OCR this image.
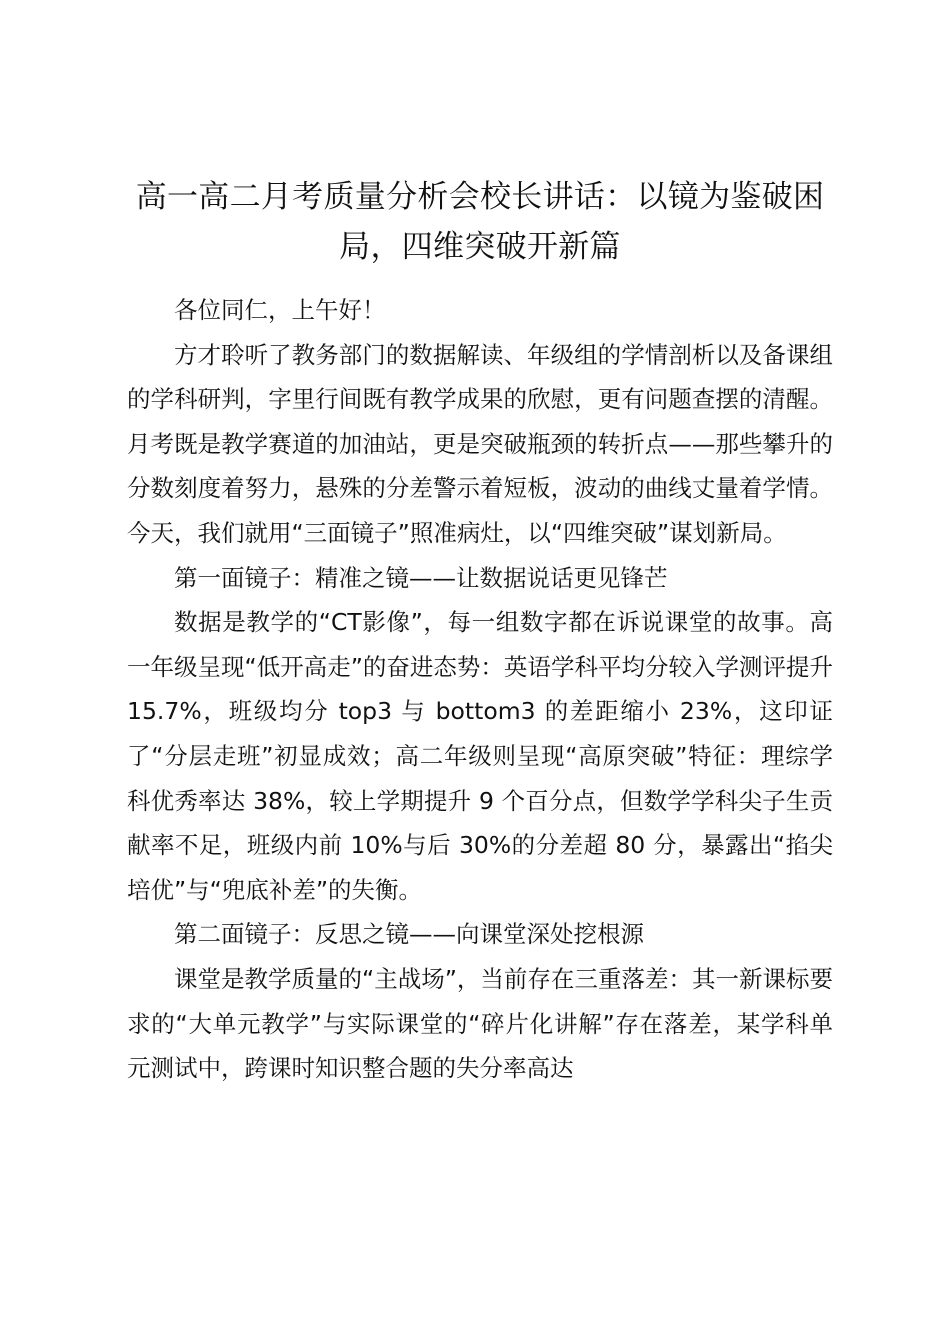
高一高二月考质量分析会校长讲话：以镜为鉴破困局，四维突破开新篇

各位同仁，上午好！

方才聆听了教务部门的数据解读、年级组的学情剖析以及备课组的学科研判，字里行间既有教学成果的欣慰，更有问题查摆的清醒。月考既是教学赛道的加油站，更是突破瓶颈的转折点——那些攀升的分数刻度着努力，悬殊的分差警示着短板，波动的曲线丈量着学情。今天，我们就用“三面镜子”照准病灶，以“四维突破”谋划新局。

第一面镜子：精准之镜——让数据说话更见锋芒

数据是教学的“CT影像”，每一组数字都在诉说课堂的故事。高一年级呈现“低开高走”的奋进态势：英语学科平均分较入学测评提升 15.7%，班级均分 top3 与 bottom3 的差距缩小 23%，这印证了“分层走班”初显成效；高二年级则呈现“高原突破”特征：理综学科优秀率达 38%，较上学期提升 9 个百分点，但数学学科尖子生贡献率不足，班级内前 10%与后 30%的分差超 80 分，暴露出“掐尖培优”与“兜底补差”的失衡。

第二面镜子：反思之镜——向课堂深处挖根源

课堂是教学质量的“主战场”，当前存在三重落差：其一新课标要求的“大单元教学”与实际课堂的“碎片化讲解”存在落差，某学科单元测试中，跨课时知识整合题的失分率高达
